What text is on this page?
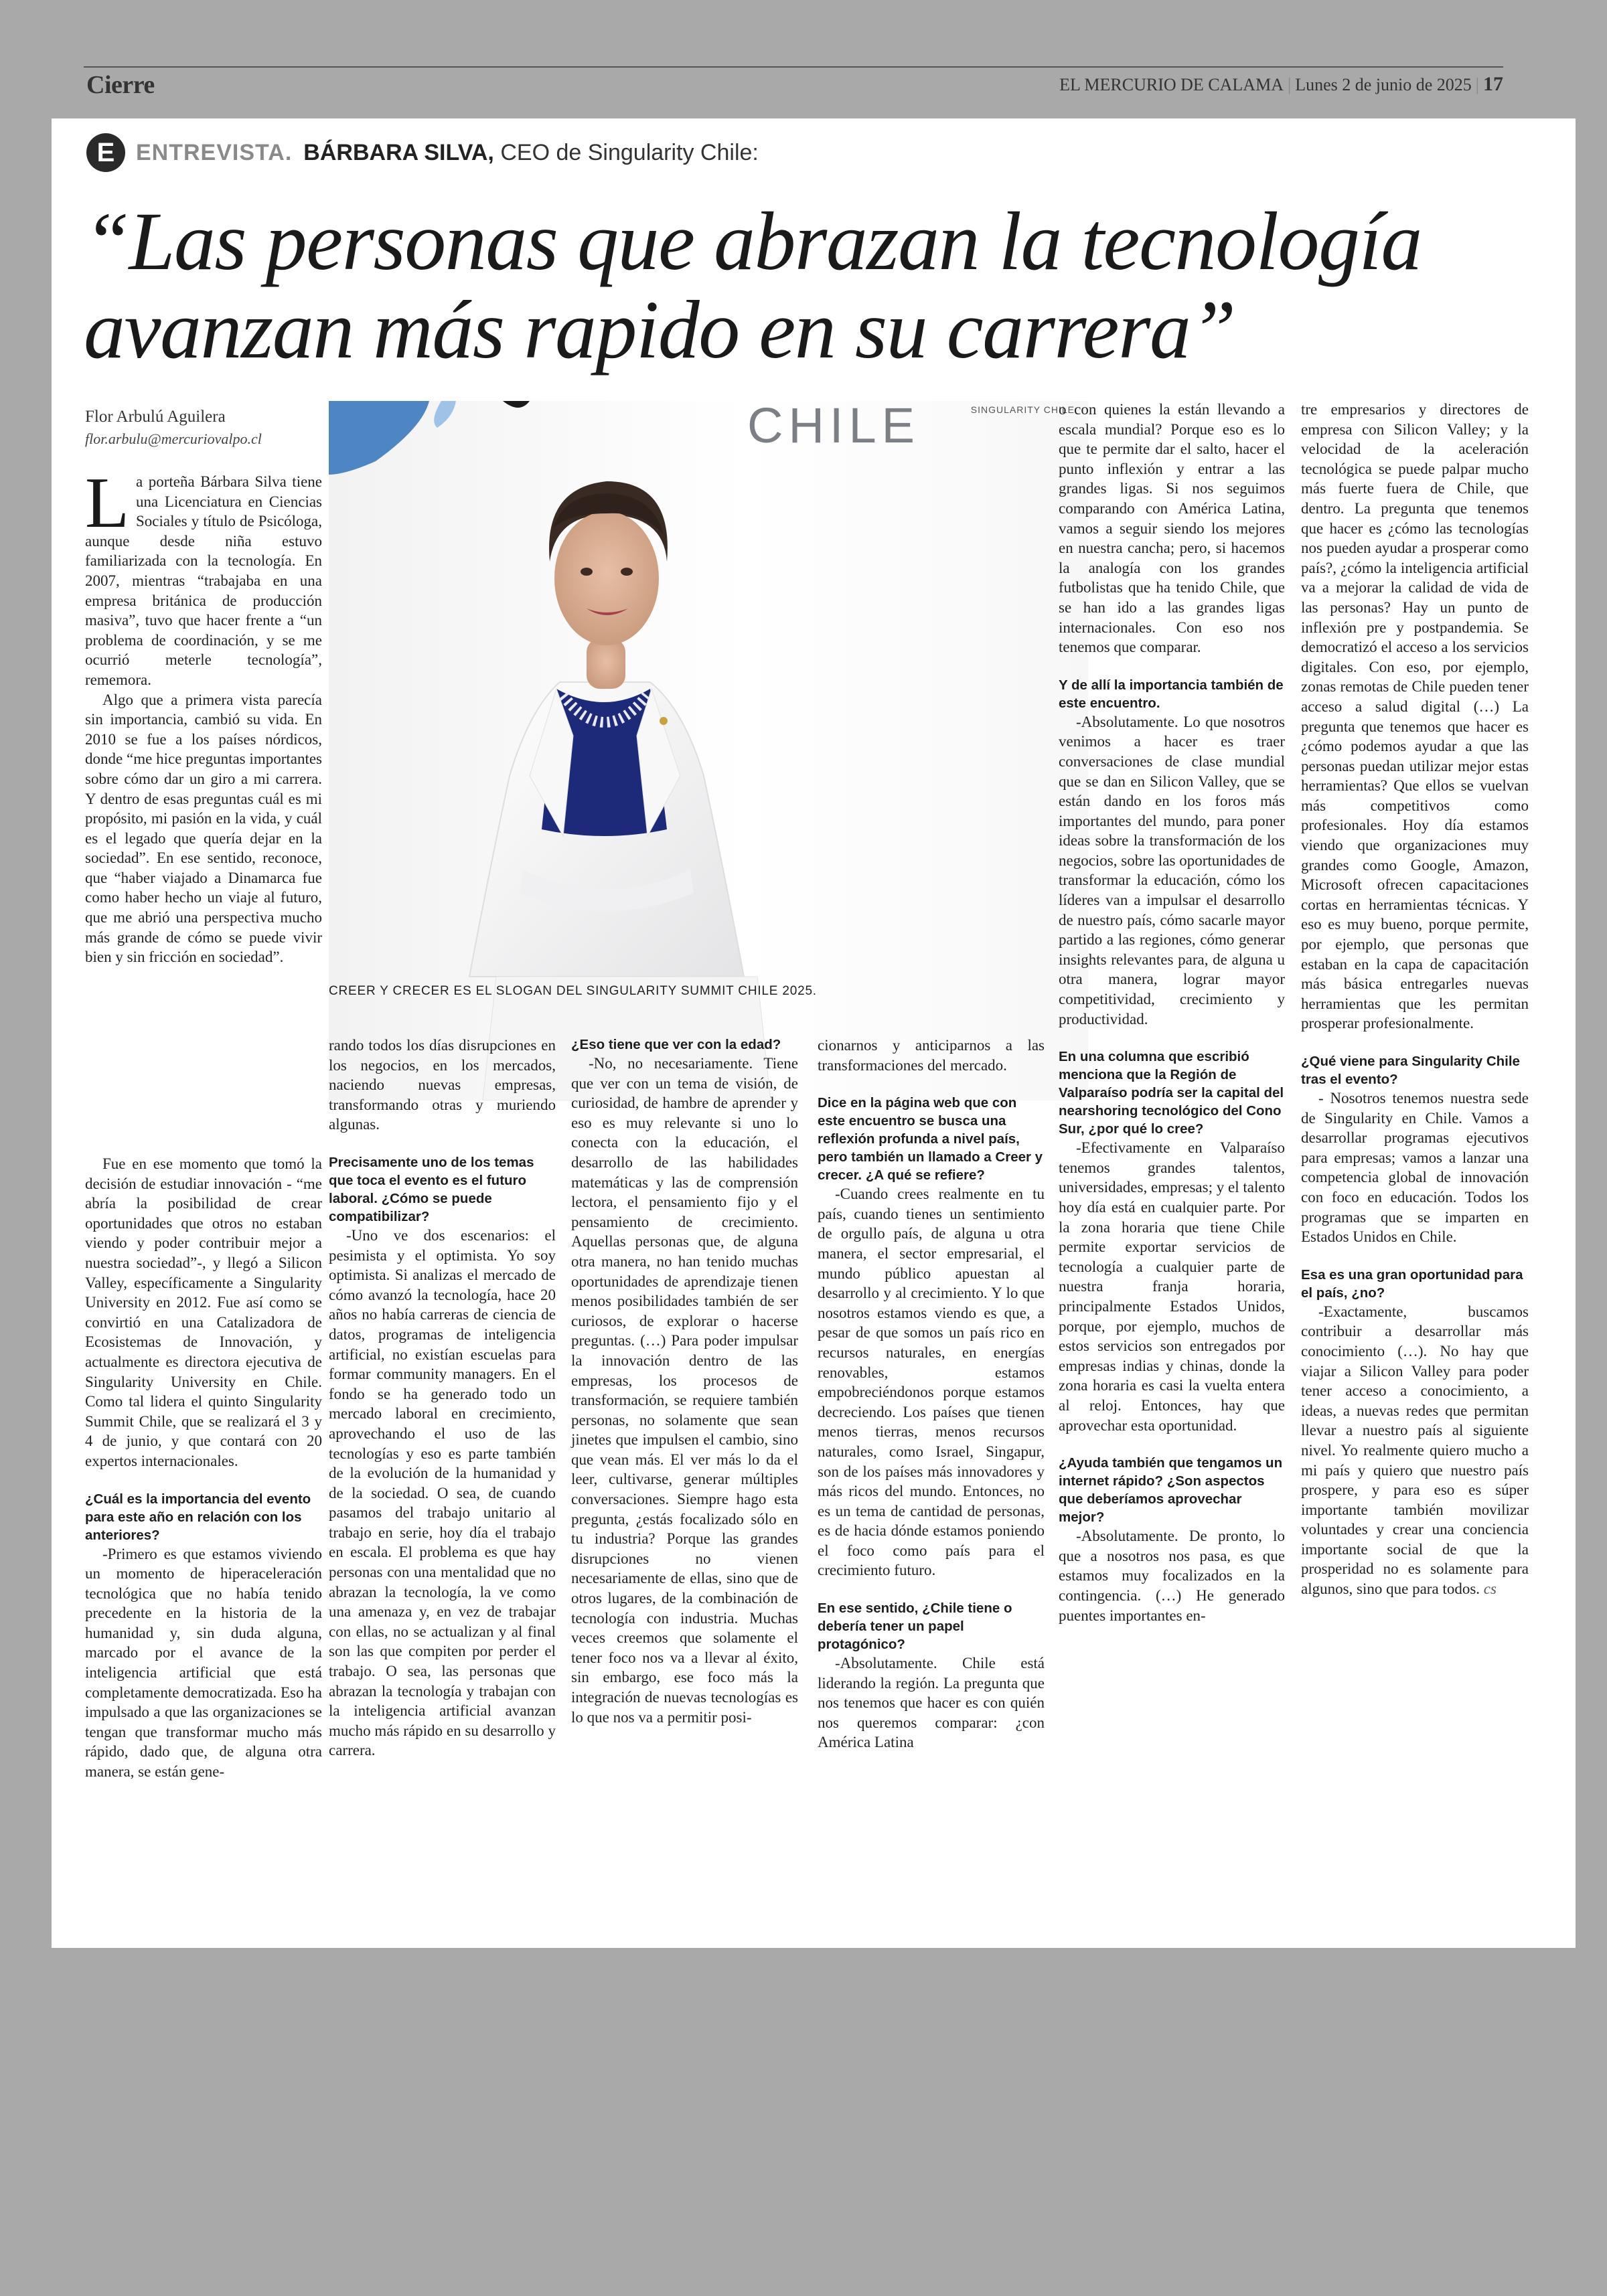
Cierre	EL MERCURIO DE CALAMA | Lunes 2 de junio de 2025 | 17
E ENTREVISTA . BÁRBARA SILVA,
CEO de Singularity Chile:
“Las personas que abrazan la tecnología
avanzan más rapido en su carrera”
Flor Arbulú Aguilera
flor.arbulu@mercuriovalpo.cl	CHILE	SINGULARITY CHILE
CREER Y CRECER ES EL SLOGAN DEL SINGULARITY SUMMIT CHILE 2025.

La porteña Bárbara Silva tiene una Licenciatura en Ciencias Sociales y título de Psicóloga, aunque desde niña estuvo familiarizada con la tecnología. En 2007, mientras “trabajaba en una empresa británica de producción masiva”, tuvo que hacer frente a “un problema de coordinación, y se me ocurrió meterle tecnología”, rememora.

Algo que a primera vista parecía sin importancia, cambió su vida. En 2010 se fue a los países nórdicos, donde “me hice preguntas importantes sobre cómo dar un giro a mi carrera. Y dentro de esas preguntas cuál es mi propósito, mi pasión en la vida, y cuál es el legado que quería dejar en la sociedad”. En ese sentido, reconoce, que “haber viajado a Dinamarca fue como haber hecho un viaje al futuro, que me abrió una perspectiva mucho más grande de cómo se puede vivir bien y sin fricción en sociedad”.

Fue en ese momento que tomó la decisión de estudiar innovación - “me abría la posibilidad de crear oportunidades que otros no estaban viendo y poder contribuir mejor a nuestra sociedad”-, y llegó a Silicon Valley, específicamente a Singularity University en 2012. Fue así como se convirtió en una Catalizadora de Ecosistemas de Innovación, y actualmente es directora ejecutiva de Singularity University en Chile. Como tal lidera el quinto Singularity Summit Chile, que se realizará el 3 y 4 de junio, y que contará con 20 expertos internacionales.

¿Cuál es la importancia del evento para este año en relación con los anteriores?

-Primero es que estamos viviendo un momento de hiperaceleración tecnológica que no había tenido precedente en la historia de la humanidad y, sin duda alguna, marcado por el avance de la inteligencia artificial que está completamente democratizada. Eso ha impulsado a que las organizaciones se tengan que transformar mucho más rápido, dado que, de alguna otra manera, se están gene-

rando todos los días disrupciones en los negocios, en los mercados, naciendo nuevas empresas, transformando otras y muriendo algunas.

Precisamente uno de los temas que toca el evento es el futuro laboral. ¿Cómo se puede compatibilizar?

-Uno ve dos escenarios: el pesimista y el optimista. Yo soy optimista. Si analizas el mercado de cómo avanzó la tecnología, hace 20 años no había carreras de ciencia de datos, programas de inteligencia artificial, no existían escuelas para formar community managers. En el fondo se ha generado todo un mercado laboral en crecimiento, aprovechando el uso de las tecnologías y eso es parte también de la evolución de la humanidad y de la sociedad. O sea, de cuando pasamos del trabajo unitario al trabajo en serie, hoy día el trabajo en escala. El problema es que hay personas con una mentalidad que no abrazan la tecnología, la ve como una amenaza y, en vez de trabajar con ellas, no se actualizan y al final son las que compiten por perder el trabajo. O sea, las personas que abrazan la tecnología y trabajan con la inteligencia artificial avanzan mucho más rápido en su desarrollo y carrera.

¿Eso tiene que ver con la edad?

-No, no necesariamente. Tiene que ver con un tema de visión, de curiosidad, de hambre de aprender y eso es muy relevante si uno lo conecta con la educación, el desarrollo de las habilidades matemáticas y las de comprensión lectora, el pensamiento fijo y el pensamiento de crecimiento. Aquellas personas que, de alguna otra manera, no han tenido muchas oportunidades de aprendizaje tienen menos posibilidades también de ser curiosos, de explorar o hacerse preguntas. (…) Para poder impulsar la innovación dentro de las empresas, los procesos de transformación, se requiere también personas, no solamente que sean jinetes que impulsen el cambio, sino que vean más. El ver más lo da el leer, cultivarse, generar múltiples conversaciones. Siempre hago esta pregunta, ¿estás focalizado sólo en tu industria? Porque las grandes disrupciones no vienen necesariamente de ellas, sino que de otros lugares, de la combinación de tecnología con industria. Muchas veces creemos que solamente el tener foco nos va a llevar al éxito, sin embargo, ese foco más la integración de nuevas tecnologías es lo que nos va a permitir posi-

cionarnos y anticiparnos a las transformaciones del mercado.

Dice en la página web que con este encuentro se busca una reflexión profunda a nivel país, pero también un llamado a Creer y crecer. ¿A qué se refiere?

-Cuando crees realmente en tu país, cuando tienes un sentimiento de orgullo país, de alguna u otra manera, el sector empresarial, el mundo público apuestan al desarrollo y al crecimiento. Y lo que nosotros estamos viendo es que, a pesar de que somos un país rico en recursos naturales, en energías renovables, estamos empobreciéndonos porque estamos decreciendo. Los países que tienen menos tierras, menos recursos naturales, como Israel, Singapur, son de los países más innovadores y más ricos del mundo. Entonces, no es un tema de cantidad de personas, es de hacia dónde estamos poniendo el foco como país para el crecimiento futuro.

En ese sentido, ¿Chile tiene o debería tener un papel protagónico?

-Absolutamente. Chile está liderando la región. La pregunta que nos tenemos que hacer es con quién nos queremos comparar: ¿con América Latina

o con quienes la están llevando a escala mundial? Porque eso es lo que te permite dar el salto, hacer el punto inflexión y entrar a las grandes ligas. Si nos seguimos comparando con América Latina, vamos a seguir siendo los mejores en nuestra cancha; pero, si hacemos la analogía con los grandes futbolistas que ha tenido Chile, que se han ido a las grandes ligas internacionales. Con eso nos tenemos que comparar.

Y de allí la importancia también de este encuentro.

-Absolutamente. Lo que nosotros venimos a hacer es traer conversaciones de clase mundial que se dan en Silicon Valley, que se están dando en los foros más importantes del mundo, para poner ideas sobre la transformación de los negocios, sobre las oportunidades de transformar la educación, cómo los líderes van a impulsar el desarrollo de nuestro país, cómo sacarle mayor partido a las regiones, cómo generar insights relevantes para, de alguna u otra manera, lograr mayor competitividad, crecimiento y productividad.

En una columna que escribió menciona que la Región de Valparaíso podría ser la capital del nearshoring tecnológico del Cono Sur, ¿por qué lo cree?

-Efectivamente en Valparaíso tenemos grandes talentos, universidades, empresas; y el talento hoy día está en cualquier parte. Por la zona horaria que tiene Chile permite exportar servicios de tecnología a cualquier parte de nuestra franja horaria, principalmente Estados Unidos, porque, por ejemplo, muchos de estos servicios son entregados por empresas indias y chinas, donde la zona horaria es casi la vuelta entera al reloj. Entonces, hay que aprovechar esta oportunidad.

¿Ayuda también que tengamos un internet rápido? ¿Son aspectos que deberíamos aprovechar mejor?

-Absolutamente. De pronto, lo que a nosotros nos pasa, es que estamos muy focalizados en la contingencia. (…) He generado puentes importantes en-

tre empresarios y directores de empresa con Silicon Valley; y la velocidad de la aceleración tecnológica se puede palpar mucho más fuerte fuera de Chile, que dentro. La pregunta que tenemos que hacer es ¿cómo las tecnologías nos pueden ayudar a prosperar como país?, ¿cómo la inteligencia artificial va a mejorar la calidad de vida de las personas? Hay un punto de inflexión pre y postpandemia. Se democratizó el acceso a los servicios digitales. Con eso, por ejemplo, zonas remotas de Chile pueden tener acceso a salud digital (…) La pregunta que tenemos que hacer es ¿cómo podemos ayudar a que las personas puedan utilizar mejor estas herramientas? Que ellos se vuelvan más competitivos como profesionales. Hoy día estamos viendo que organizaciones muy grandes como Google, Amazon, Microsoft ofrecen capacitaciones cortas en herramientas técnicas. Y eso es muy bueno, porque permite, por ejemplo, que personas que estaban en la capa de capacitación más básica entregarles nuevas herramientas que les permitan prosperar profesionalmente.

¿Qué viene para Singularity Chile tras el evento?

- Nosotros tenemos nuestra sede de Singularity en Chile. Vamos a desarrollar programas ejecutivos para empresas; vamos a lanzar una competencia global de innovación con foco en educación. Todos los programas que se imparten en Estados Unidos en Chile.

Esa es una gran oportunidad para el país, ¿no?

-Exactamente, buscamos contribuir a desarrollar más conocimiento (…). No hay que viajar a Silicon Valley para poder tener acceso a conocimiento, a ideas, a nuevas redes que permitan llevar a nuestro país al siguiente nivel. Yo realmente quiero mucho a mi país y quiero que nuestro país prospere, y para eso es súper importante también movilizar voluntades y crear una conciencia importante social de que la prosperidad no es solamente para algunos, sino que para todos. cs
